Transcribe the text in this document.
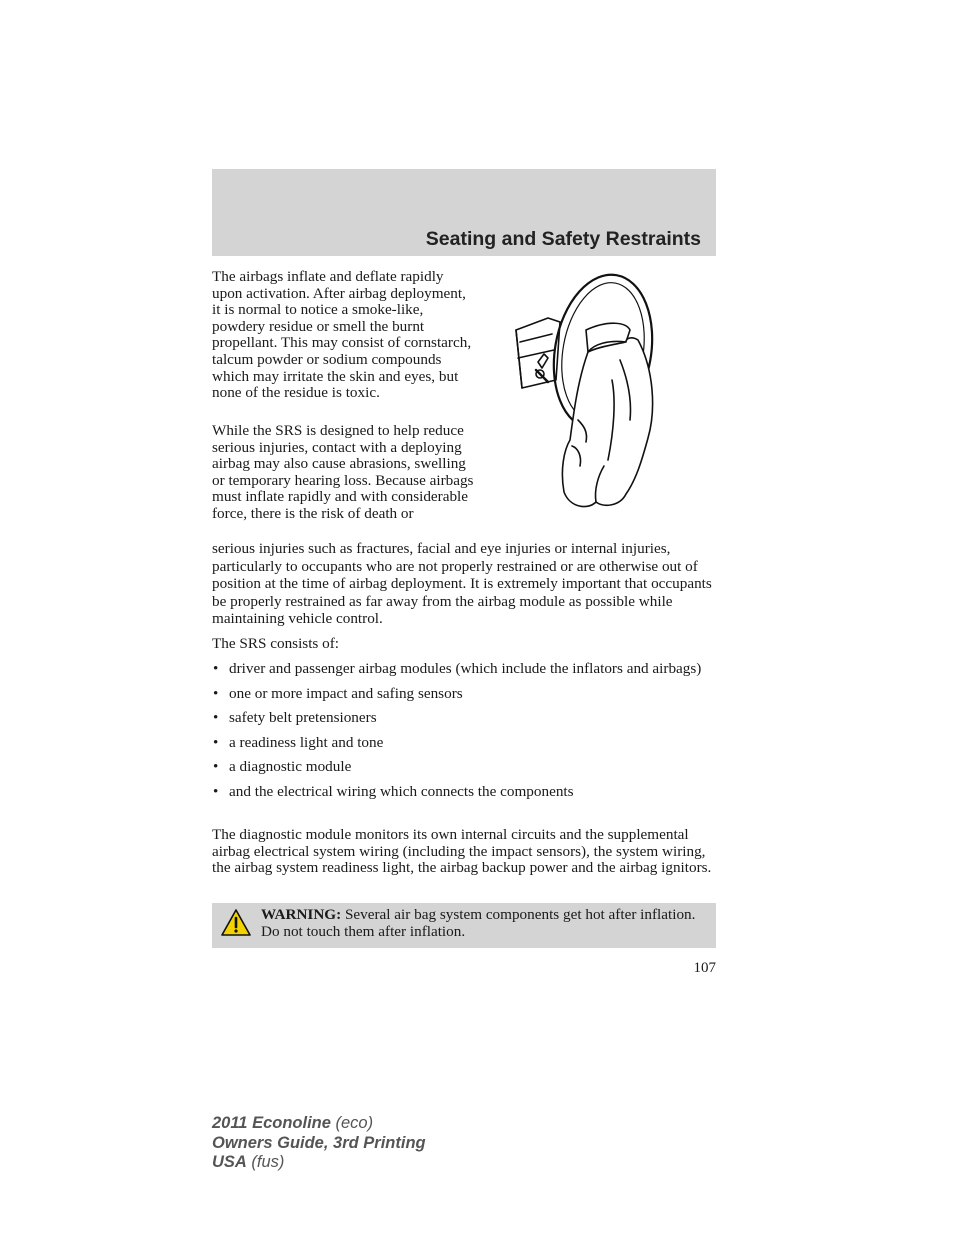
Seating and Safety Restraints

The airbags inflate and deflate rapidly upon activation. After airbag deployment, it is normal to notice a smoke-like, powdery residue or smell the burnt propellant. This may consist of cornstarch, talcum powder or sodium compounds which may irritate the skin and eyes, but none of the residue is toxic.

While the SRS is designed to help reduce serious injuries, contact with a deploying airbag may also cause abrasions, swelling or temporary hearing loss. Because airbags must inflate rapidly and with considerable force, there is the risk of death or

serious injuries such as fractures, facial and eye injuries or internal injuries, particularly to occupants who are not properly restrained or are otherwise out of position at the time of airbag deployment. It is extremely important that occupants be properly restrained as far away from the airbag module as possible while maintaining vehicle control.

The SRS consists of:

• driver and passenger airbag modules (which include the inflators and airbags)
• one or more impact and safing sensors
• safety belt pretensioners
• a readiness light and tone
• a diagnostic module
• and the electrical wiring which connects the components

The diagnostic module monitors its own internal circuits and the supplemental airbag electrical system wiring (including the impact sensors), the system wiring, the airbag system readiness light, the airbag backup power and the airbag ignitors.

WARNING: Several air bag system components get hot after inflation. Do not touch them after inflation.
107
2011 Econoline (eco)
Owners Guide, 3rd Printing
USA (fus)
